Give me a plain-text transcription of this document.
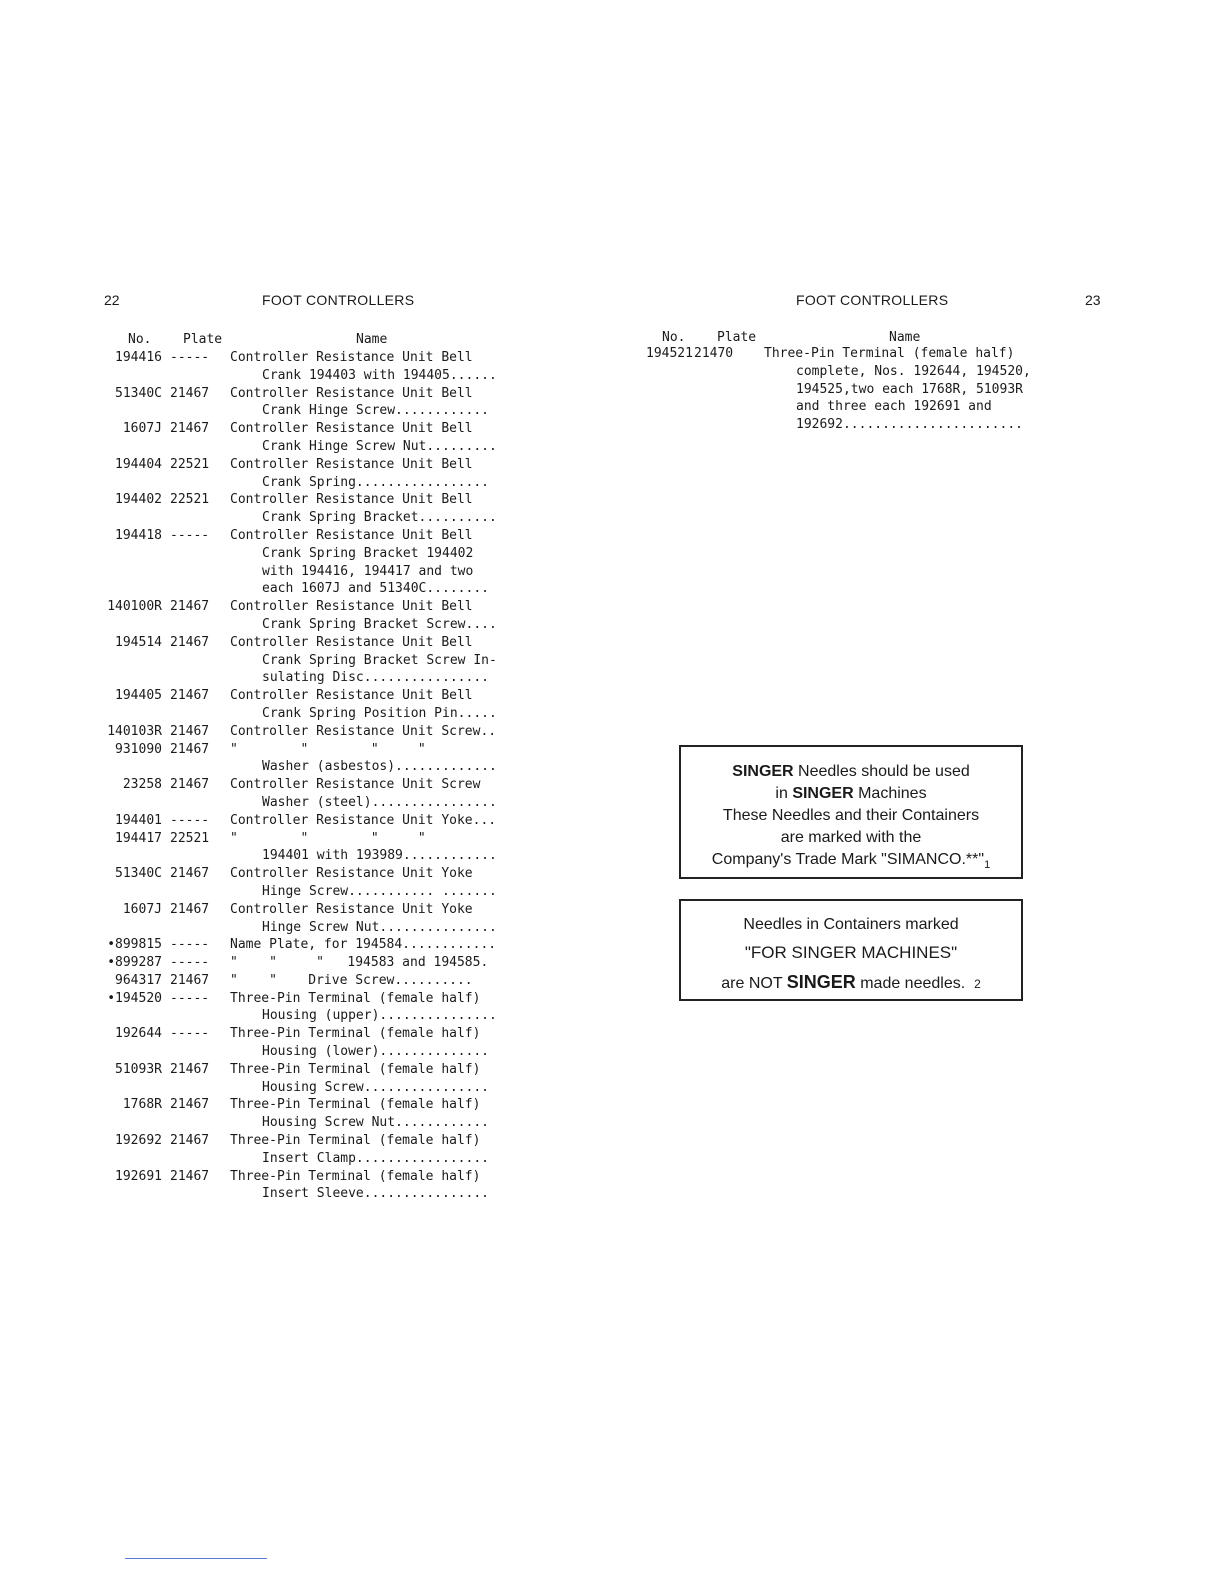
22	FOOT CONTROLLERS
No. Plate	Name
194416 -----	Controller Resistance Unit Bell
Crank 194403 with 194405......
51340C 21467	Controller Resistance Unit Bell
Crank Hinge Screw............
1607J 21467	Controller Resistance Unit Bell
Crank Hinge Screw Nut.........
194404 22521	Controller Resistance Unit Bell
Crank Spring.................
194402 22521	Controller Resistance Unit Bell
Crank Spring Bracket..........
194418 -----	Controller Resistance Unit Bell
Crank Spring Bracket 194402
with 194416, 194417 and two
each 1607J and 51340C........
140100R 21467	Controller Resistance Unit Bell
Crank Spring Bracket Screw....
194514 21467	Controller Resistance Unit Bell
Crank Spring Bracket Screw In-
sulating Disc................
194405 21467	Controller Resistance Unit Bell
Crank Spring Position Pin.....
140103R 21467	Controller Resistance Unit Screw..
931090 21467	"        "        "     "
Washer (asbestos).............
23258 21467	Controller Resistance Unit Screw
Washer (steel)................
194401 -----	Controller Resistance Unit Yoke...
194417 22521	"        "        "     "
194401 with 193989............
51340C 21467	Controller Resistance Unit Yoke
Hinge Screw........... .......
1607J 21467	Controller Resistance Unit Yoke
Hinge Screw Nut...............
•899815 -----	Name Plate, for 194584............
•899287 -----	"    "     "   194583 and 194585.
964317 21467	"    "    Drive Screw..........
•194520 -----	Three-Pin Terminal (female half)
Housing (upper)...............
192644 -----	Three-Pin Terminal (female half)
Housing (lower)..............
51093R 21467	Three-Pin Terminal (female half)
Housing Screw................
1768R 21467	Three-Pin Terminal (female half)
Housing Screw Nut............
192692 21467	Three-Pin Terminal (female half)
Insert Clamp.................
192691 21467	Three-Pin Terminal (female half)
Insert Sleeve................
FOOT CONTROLLERS	23
No. Plate	Name
194521 21470	Three-Pin Terminal (female half)
complete, Nos. 192644, 194520,
194525,two each 1768R, 51093R
and three each 192691 and
192692.......................
SINGER Needles should be used
in SINGER Machines
These Needles and their Containers
are marked with the
Company's Trade Mark "$SIMANCO.**"_1$
Needles in Containers marked
"FOR SINGER MACHINES"
are NOT SINGER made needles. 2
